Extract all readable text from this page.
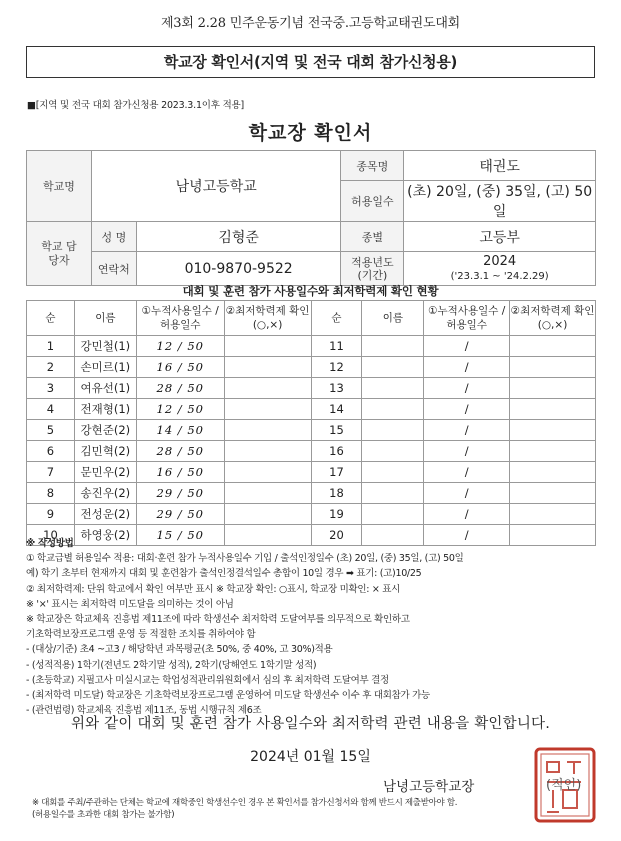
제3회 2.28 민주운동기념 전국중.고등학교태권도대회
학교장 확인서(지역 및 전국 대회 참가신청용)
■[지역 및 전국 대회 참가신청용 2023.3.1이후 적용]
학교장 확인서
학교명	남녕고등학교		종목명	태권도
			허용일수	(초) 20일, (중) 35일, (고) 50일
학교 담당자	성 명	김형준	종별	고등부
	연락처	010-9870-9522	적용년도 (기간)	2024
('23.3.1 ~ '24.2.29)
대회 및 훈련 참가 사용일수와 최저학력제 확인 현황
순	이름	①누적사용일수 /허용일수	②최저학력제 확인(○,×)	순	이름	①누적사용일수 /허용일수	②최저학력제 확인(○,×)
1	강민철(1)	12 / 50		11		/	
2	손미르(1)	16 / 50		12		/	
3	여유선(1)	28 / 50		13		/	
4	전재형(1)	12 / 50		14		/	
5	강현준(2)	14 / 50		15		/	
6	김민혁(2)	28 / 50		16		/	
7	문민우(2)	16 / 50		17		/	
8	송진우(2)	29 / 50		18		/	
9	전성운(2)	29 / 50		19		/	
10	하영웅(2)	15 / 50		20		/	
※ 작성방법
① 학교급별 허용일수 적용: 대회·훈련 참가 누적사용일수 기입 / 출석인정일수 (초) 20일, (중) 35일, (고) 50일
예) 학기 초부터 현재까지 대회 및 훈련참가 출석인정결석일수 총합이 10일 경우 ➡ 표기: (고)10/25
② 최저학력제: 단위 학교에서 확인 여부만 표시 ※ 학교장 확인: ○표시, 학교장 미확인: × 표시
※ '×' 표시는 최저학력 미도달을 의미하는 것이 아님
※ 학교장은 학교체육 진흥법 제11조에 따라 학생선수 최저학력 도달여부를 의무적으로 확인하고
기초학력보장프로그램 운영 등 적절한 조치를 취하여야 함
- (대상/기준) 초4 ~고3 / 해당학년 과목평균(초 50%, 중 40%, 고 30%)적용
- (성적적용) 1학기(전년도 2학기말 성적), 2학기(당해연도 1학기말 성적)
- (초등학교) 지필고사 미실시교는 학업성적관리위원회에서 심의 후 최저학력 도달여부 결정
- (최저학력 미도달) 학교장은 기초학력보장프로그램 운영하여 미도달 학생선수 이수 후 대회참가 가능
- (관련법령) 학교체육 진흥법 제11조, 동법 시행규칙 제6조
위와 같이 대회 및 훈련 참가 사용일수와 최저학력 관련 내용을 확인합니다.
2024년 01월 15일
남녕고등학교장	(직인)
※ 대회를 주최/주관하는 단체는 학교에 재학중인 학생선수인 경우 본 확인서를 참가신청서와 함께 반드시 제출받아야 함.
(허용일수를 초과한 대회 참가는 불가함)
